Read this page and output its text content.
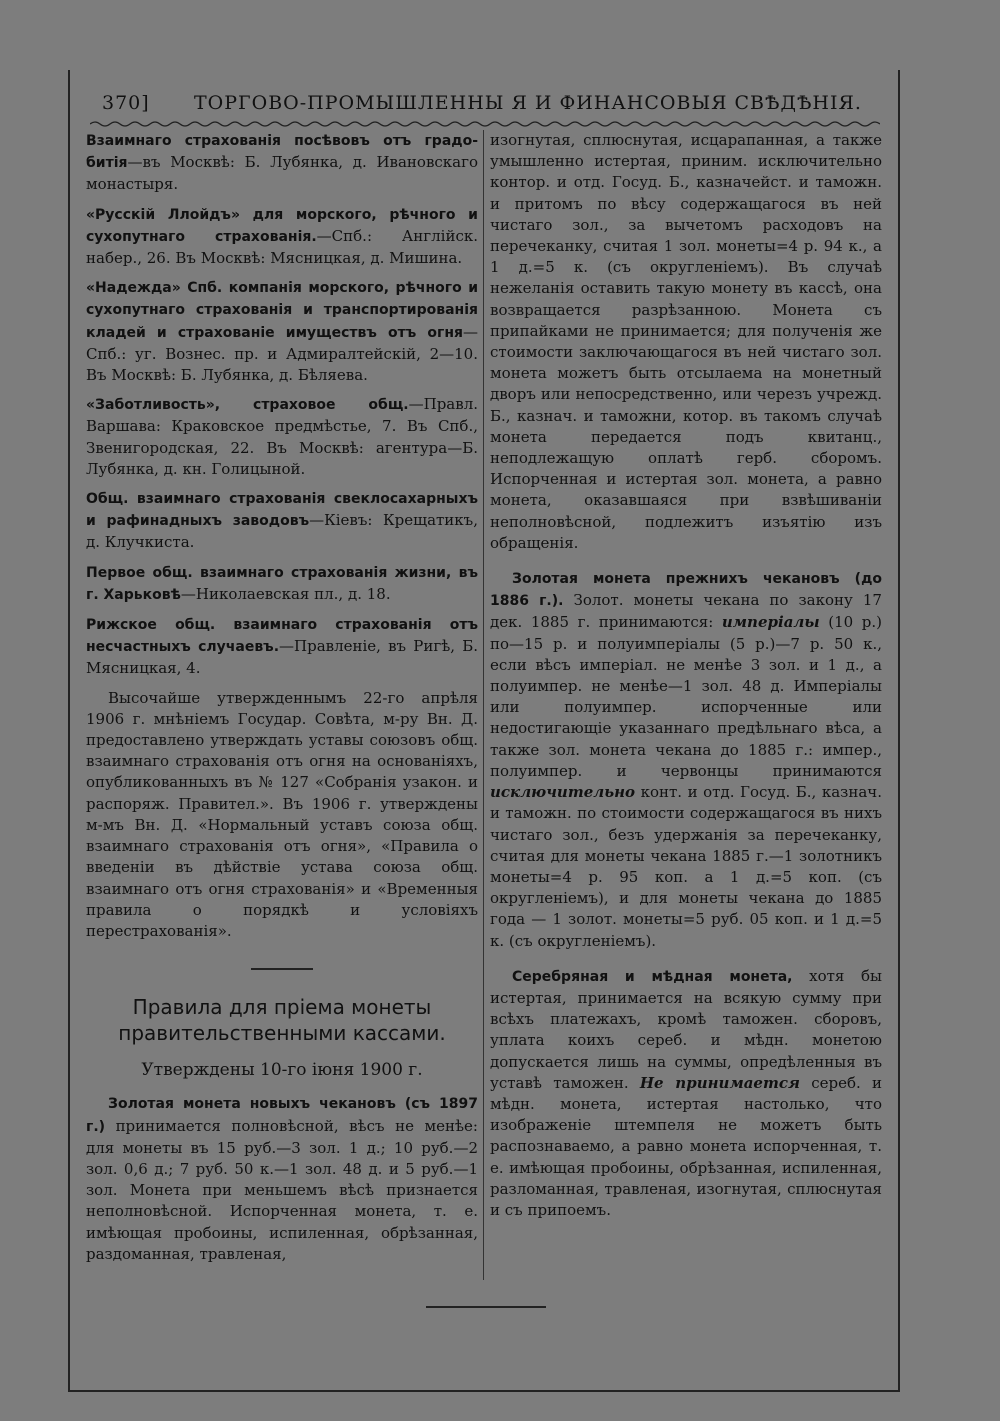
370] ТОРГОВО-ПРОМЫШЛЕННЫ Я И ФИНАНСОВЫЯ СВѢДѢНІЯ.

Взаимнаго страхованія посѣвовъ отъ градо-битія—въ Москвѣ: Б. Лубянка, д. Ивановскаго монастыря.

«Русскій Ллойдъ» для морского, рѣчного и сухопутнаго страхованія.—Спб.: Англійск. набер., 26. Въ Москвѣ: Мясницкая, д. Мишина.

«Надежда» Спб. компанія морского, рѣчного и сухопутнаго страхованія и транспортированія кладей и страхованіе имуществъ отъ огня—Спб.: уг. Вознес. пр. и Адмиралтейскій, 2—10. Въ Москвѣ: Б. Лубянка, д. Бѣляева.

«Заботливость», страховое общ.—Правл. Варшава: Краковское предмѣстье, 7. Въ Спб., Звенигородская, 22. Въ Москвѣ: агентура—Б. Лубянка, д. кн. Голицыной.

Общ. взаимнаго страхованія свеклосахарныхъ и рафинадныхъ заводовъ—Кіевъ: Крещатикъ, д. Клучкиста.

Первое общ. взаимнаго страхованія жизни, въ г. Харьковѣ—Николаевская пл., д. 18.

Рижское общ. взаимнаго страхованія отъ несчастныхъ случаевъ.—Правленіе, въ Ригѣ, Б. Мясницкая, 4.

Высочайше утвержденнымъ 22-го апрѣля 1906 г. мнѣніемъ Государ. Совѣта, м-ру Вн. Д. предоставлено утверждать уставы союзовъ общ. взаимнаго страхованія отъ огня на основаніяхъ, опубликованныхъ въ № 127 «Собранія узакон. и распоряж. Правител.». Въ 1906 г. утверждены м-мъ Вн. Д. «Нормальный уставъ союза общ. взаимнаго страхованія отъ огня», «Правила о введеніи въ дѣйствіе устава союза общ. взаимнаго отъ огня страхованія» и «Временныя правила о порядкѣ и условіяхъ перестрахованія».

Правила для пріема монеты правительственными кассами.
Утверждены 10-го іюня 1900 г.

Золотая монета новыхъ чекановъ (съ 1897 г.) принимается полновѣсной, вѣсъ не менѣе: для монеты въ 15 руб.—3 зол. 1 д.; 10 руб.—2 зол. 0,6 д.; 7 руб. 50 к.—1 зол. 48 д. и 5 руб.—1 зол. Монета при меньшемъ вѣсѣ признается неполновѣсной. Испорченная монета, т. е. имѣющая пробоины, испиленная, обрѣзанная, раздоманная, травленая,

изогнутая, сплюснутая, исцарапанная, а также умышленно истертая, приним. исключительно контор. и отд. Госуд. Б., казначейст. и таможн. и притомъ по вѣсу содержащагося въ ней чистаго зол., за вычетомъ расходовъ на перечеканку, считая 1 зол. монеты=4 р. 94 к., а 1 д.=5 к. (съ округленіемъ). Въ случаѣ нежеланія оставить такую монету въ кассѣ, она возвращается разрѣзанною. Монета съ припайками не принимается; для полученія же стоимости заключающагося въ ней чистаго зол. монета можетъ быть отсылаема на монетный дворъ или непосредственно, или черезъ учрежд. Б., казнач. и таможни, котор. въ такомъ случаѣ монета передается подъ квитанц., неподлежащую оплатѣ герб. сборомъ. Испорченная и истертая зол. монета, а равно монета, оказавшаяся при взвѣшиваніи неполновѣсной, подлежитъ изъятію изъ обращенія.

Золотая монета прежнихъ чекановъ (до 1886 г.). Золот. монеты чекана по закону 17 дек. 1885 г. принимаются: имперіалы (10 р.) по—15 р. и полуимперіалы (5 р.)—7 р. 50 к., если вѣсъ имперіал. не менѣе 3 зол. и 1 д., а полуимпер. не менѣе—1 зол. 48 д. Имперіалы или полуимпер. испорченные или недостигающіе указаннаго предѣльнаго вѣса, а также зол. монета чекана до 1885 г.: импер., полуимпер. и червонцы принимаются исключительно конт. и отд. Госуд. Б., казнач. и таможн. по стоимости содержащагося въ нихъ чистаго зол., безъ удержанія за перечеканку, считая для монеты чекана 1885 г.—1 золотникъ монеты=4 р. 95 коп. а 1 д.=5 коп. (съ округленіемъ), и для монеты чекана до 1885 года — 1 золот. монеты=5 руб. 05 коп. и 1 д.=5 к. (съ округленіемъ).

Серебряная и мѣдная монета, хотя бы истертая, принимается на всякую сумму при всѣхъ платежахъ, кромѣ таможен. сборовъ, уплата коихъ сереб. и мѣдн. монетою допускается лишь на суммы, опредѣленныя въ уставѣ таможен. Не принимается сереб. и мѣдн. монета, истертая настолько, что изображеніе штемпеля не можетъ быть распознаваемо, а равно монета испорченная, т. е. имѣющая пробоины, обрѣзанная, испиленная, разломанная, травленая, изогнутая, сплюснутая и съ припоемъ.
